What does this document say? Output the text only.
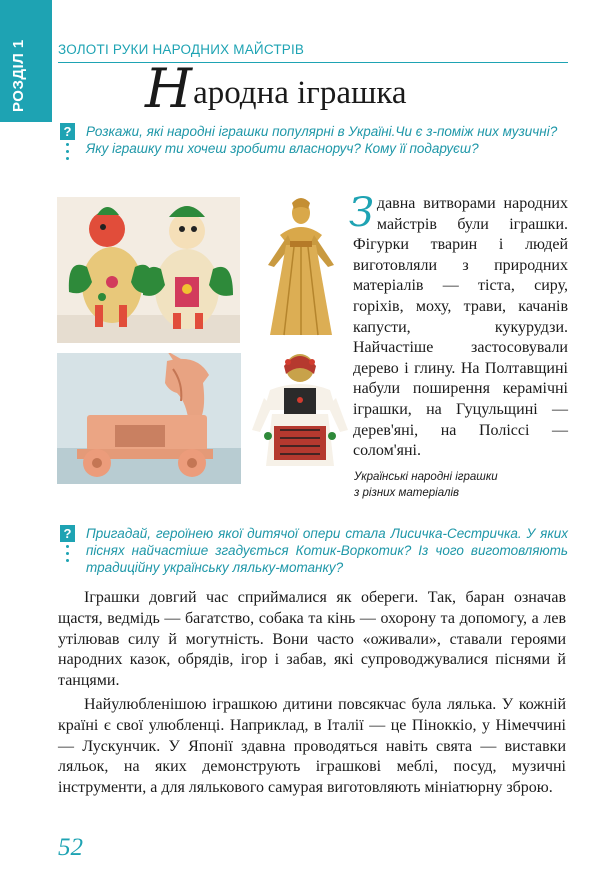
РОЗДІЛ 1 ЗОЛОТІ РУКИ НАРОДНИХ МАЙСТРІВ
Народна іграшка
? Розкажи, які народні іграшки популярні в Україні.Чи є з-поміж них музичні? Яку іграшку ти хочеш зробити власноруч? Кому її подаруєш?
Здавна витворами народних майстрів були іграшки. Фігурки тварин і людей виготовляли з природних матеріалів — тіста, сиру, горіхів, моху, трави, качанів капусти, кукурудзи. Найчастіше застосовували дерево і глину. На Полтавщині набули поширення керамічні іграшки, на Гуцульщині — дерев'яні, на Поліссі — солом'яні.
Українські народні іграшки
з різних матеріалів
? Пригадай, героїнею якої дитячої опери стала Лисичка-Сестричка. У яких піснях найчастіше згадується Котик-Воркотик? Із чого виготовляють традиційну українську ляльку-мотанку?

Іграшки довгий час сприймалися як обереги. Так, баран означав щастя, ведмідь — багатство, собака та кінь — охорону та допомогу, а лев утілював силу й могутність. Вони часто «оживали», ставали героями народних казок, обрядів, ігор і забав, які супроводжувалися піснями й танцями.

Найулюбленішою іграшкою дитини повсякчас була лялька. У кожній країні є свої улюбленці. Наприклад, в Італії — це Піноккіо, у Німеччині — Лускунчик. У Японії здавна проводяться навіть свята — виставки ляльок, на яких демонструють іграшкові меблі, посуд, музичні інструменти, а для лялькового самурая виготовляють мініатюрну зброю.

52
